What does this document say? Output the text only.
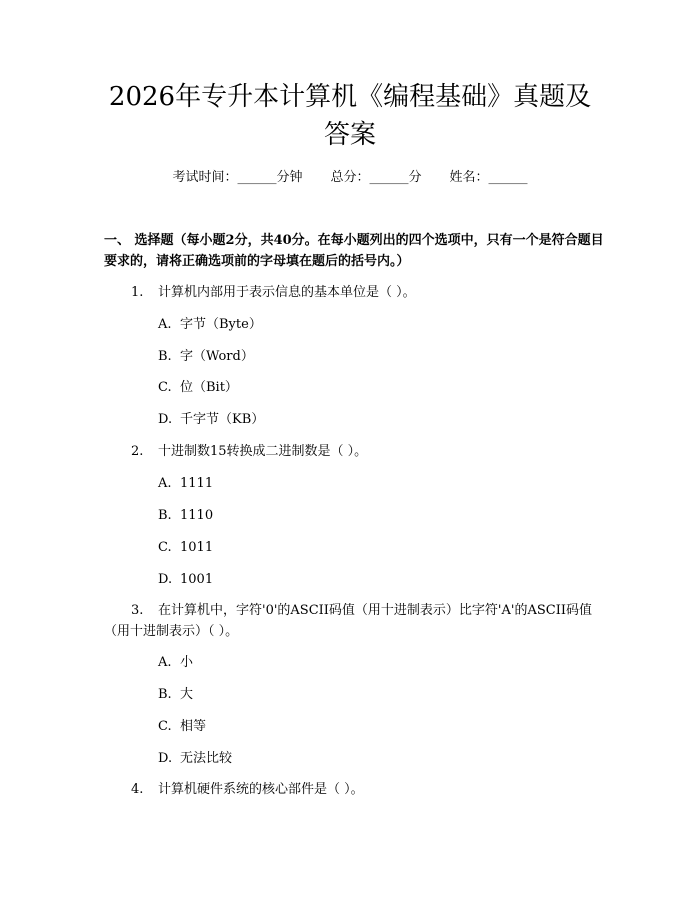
2026年专升本计算机《编程基础》真题及答案
考试时间：______分钟 总分：______分 姓名：______
一、 选择题（每小题2分，共40分。在每小题列出的四个选项中，只有一个是符合题目要求的，请将正确选项前的字母填在题后的括号内。）
1. 计算机内部用于表示信息的基本单位是（ ）。
A. 字节（Byte）
B. 字（Word）
C. 位（Bit）
D. 千字节（KB）
2. 十进制数15转换成二进制数是（ ）。
A. 1111
B. 1110
C. 1011
D. 1001
3. 在计算机中，字符'0'的ASCII码值（用十进制表示）比字符'A'的ASCII码值（用十进制表示）（ ）。
A. 小
B. 大
C. 相等
D. 无法比较
4. 计算机硬件系统的核心部件是（ ）。
